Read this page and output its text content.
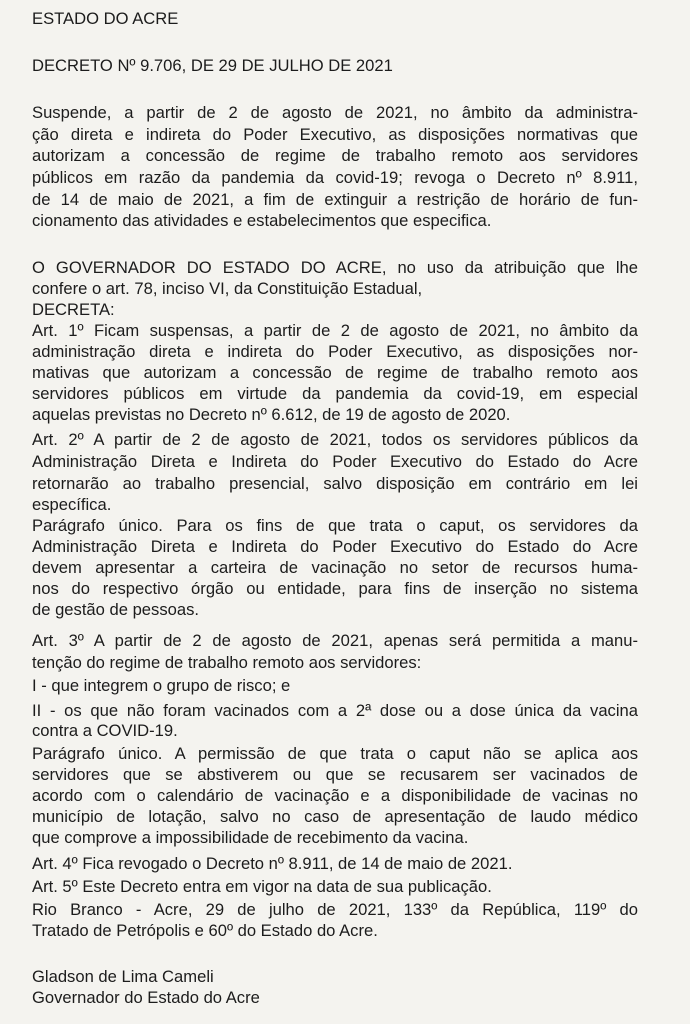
ESTADO DO ACRE
DECRETO Nº 9.706, DE 29 DE JULHO DE 2021
Suspende, a partir de 2 de agosto de 2021, no âmbito da administra-
ção direta e indireta do Poder Executivo, as disposições normativas que
autorizam a concessão de regime de trabalho remoto aos servidores
públicos em razão da pandemia da covid-19; revoga o Decreto nº 8.911,
de 14 de maio de 2021, a fim de extinguir a restrição de horário de fun-
cionamento das atividades e estabelecimentos que especifica.
O GOVERNADOR DO ESTADO DO ACRE, no uso da atribuição que lhe
confere o art. 78, inciso VI, da Constituição Estadual,
DECRETA:
Art. 1º Ficam suspensas, a partir de 2 de agosto de 2021, no âmbito da
administração direta e indireta do Poder Executivo, as disposições nor-
mativas que autorizam a concessão de regime de trabalho remoto aos
servidores públicos em virtude da pandemia da covid-19, em especial
aquelas previstas no Decreto nº 6.612, de 19 de agosto de 2020.
Art. 2º A partir de 2 de agosto de 2021, todos os servidores públicos da
Administração Direta e Indireta do Poder Executivo do Estado do Acre
retornarão ao trabalho presencial, salvo disposição em contrário em lei
específica.
Parágrafo único. Para os fins de que trata o caput, os servidores da
Administração Direta e Indireta do Poder Executivo do Estado do Acre
devem apresentar a carteira de vacinação no setor de recursos huma-
nos do respectivo órgão ou entidade, para fins de inserção no sistema
de gestão de pessoas.
Art. 3º A partir de 2 de agosto de 2021, apenas será permitida a manu-
tenção do regime de trabalho remoto aos servidores:
I - que integrem o grupo de risco; e
II - os que não foram vacinados com a 2ª dose ou a dose única da vacina
contra a COVID-19.
Parágrafo único. A permissão de que trata o caput não se aplica aos
servidores que se abstiverem ou que se recusarem ser vacinados de
acordo com o calendário de vacinação e a disponibilidade de vacinas no
município de lotação, salvo no caso de apresentação de laudo médico
que comprove a impossibilidade de recebimento da vacina.
Art. 4º Fica revogado o Decreto nº 8.911, de 14 de maio de 2021.
Art. 5º Este Decreto entra em vigor na data de sua publicação.
Rio Branco - Acre, 29 de julho de 2021, 133º da República, 119º do
Tratado de Petrópolis e 60º do Estado do Acre.
Gladson de Lima Cameli
Governador do Estado do Acre
